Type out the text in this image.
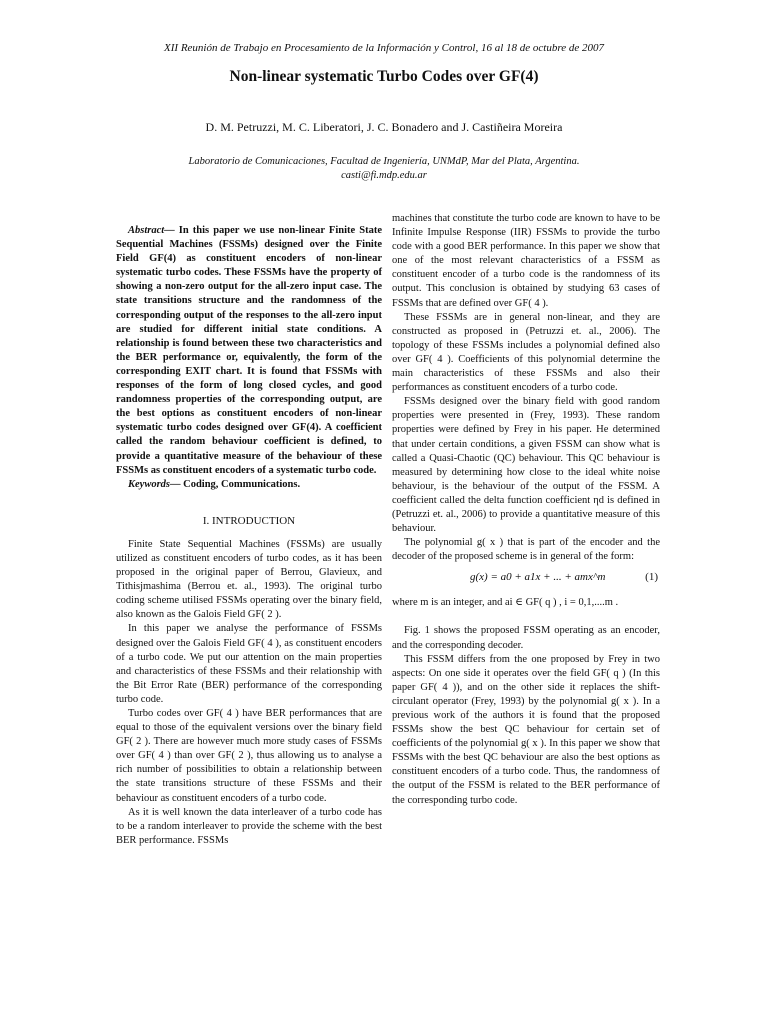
XII Reunión de Trabajo en Procesamiento de la Información y Control, 16 al 18 de octubre de 2007
Non-linear systematic Turbo Codes over GF(4)
D. M. Petruzzi, M. C. Liberatori, J. C. Bonadero and J. Castiñeira Moreira
Laboratorio de Comunicaciones, Facultad de Ingeniería, UNMdP, Mar del Plata, Argentina.
casti@fi.mdp.edu.ar

Abstract— In this paper we use non-linear Finite State Sequential Machines (FSSMs) designed over the Finite Field GF(4) as constituent encoders of non-linear systematic turbo codes. These FSSMs have the property of showing a non-zero output for the all-zero input case. The state transitions structure and the randomness of the corresponding output of the responses to the all-zero input are studied for different initial state conditions. A relationship is found between these two characteristics and the BER performance or, equivalently, the form of the corresponding EXIT chart. It is found that FSSMs with responses of the form of long closed cycles, and good randomness properties of the corresponding output, are the best options as constituent encoders of non-linear systematic turbo codes designed over GF(4). A coefficient called the random behaviour coefficient is defined, to provide a quantitative measure of the behaviour of these FSSMs as constituent encoders of a systematic turbo code.

Keywords— Coding, Communications.

I. INTRODUCTION

Finite State Sequential Machines (FSSMs) are usually utilized as constituent encoders of turbo codes, as it has been proposed in the original paper of Berrou, Glavieux, and Tithisjmashima (Berrou et. al., 1993). The original turbo coding scheme utilised FSSMs operating over the binary field, also known as the Galois Field GF( 2 ).

In this paper we analyse the performance of FSSMs designed over the Galois Field GF( 4 ), as constituent encoders of a turbo code. We put our attention on the main properties and characteristics of these FSSMs and their relationship with the Bit Error Rate (BER) performance of the corresponding turbo code.

Turbo codes over GF( 4 ) have BER performances that are equal to those of the equivalent versions over the binary field GF( 2 ). There are however much more study cases of FSSMs over GF( 4 ) than over GF( 2 ), thus allowing us to analyse a rich number of possibilities to obtain a relationship between the state transitions structure of these FSSMs and their behaviour as constituent encoders of a turbo code.

As it is well known the data interleaver of a turbo code has to be a random interleaver to provide the scheme with the best BER performance. FSSMs

machines that constitute the turbo code are known to have to be Infinite Impulse Response (IIR) FSSMs to provide the turbo code with a good BER performance. In this paper we show that one of the most relevant characteristics of a FSSM as constituent encoder of a turbo code is the randomness of its output. This conclusion is obtained by studying 63 cases of FSSMs that are defined over GF( 4 ).

These FSSMs are in general non-linear, and they are constructed as proposed in (Petruzzi et. al., 2006). The topology of these FSSMs includes a polynomial defined also over GF( 4 ). Coefficients of this polynomial determine the main characteristics of these FSSMs and also their performances as constituent encoders of a turbo code.

FSSMs designed over the binary field with good random properties were presented in (Frey, 1993). These random properties were defined by Frey in his paper. He determined that under certain conditions, a given FSSM can show what is called a Quasi-Chaotic (QC) behaviour. This QC behaviour is measured by determining how close to the ideal white noise behaviour, is the behaviour of the output of the FSSM. A coefficient called the delta function coefficient ηd is defined in (Petruzzi et. al., 2006) to provide a quantitative measure of this behaviour.

The polynomial g( x ) that is part of the encoder and the decoder of the proposed scheme is in general of the form:

g(x) = a0 + a1x + ... + amx^m	(1)

where m is an integer, and ai ∈ GF( q ) , i = 0,1,....m .

Fig. 1 shows the proposed FSSM operating as an encoder, and the corresponding decoder.

This FSSM differs from the one proposed by Frey in two aspects: On one side it operates over the field GF( q ) (In this paper GF( 4 )), and on the other side it replaces the shift-circulant operator (Frey, 1993) by the polynomial g( x ). In a previous work of the authors it is found that the proposed FSSMs show the best QC behaviour for certain set of coefficients of the polynomial g( x ). In this paper we show that FSSMs with the best QC behaviour are also the best options as constituent encoders of a turbo code. Thus, the randomness of the output of the FSSM is related to the BER performance of the corresponding turbo code.
